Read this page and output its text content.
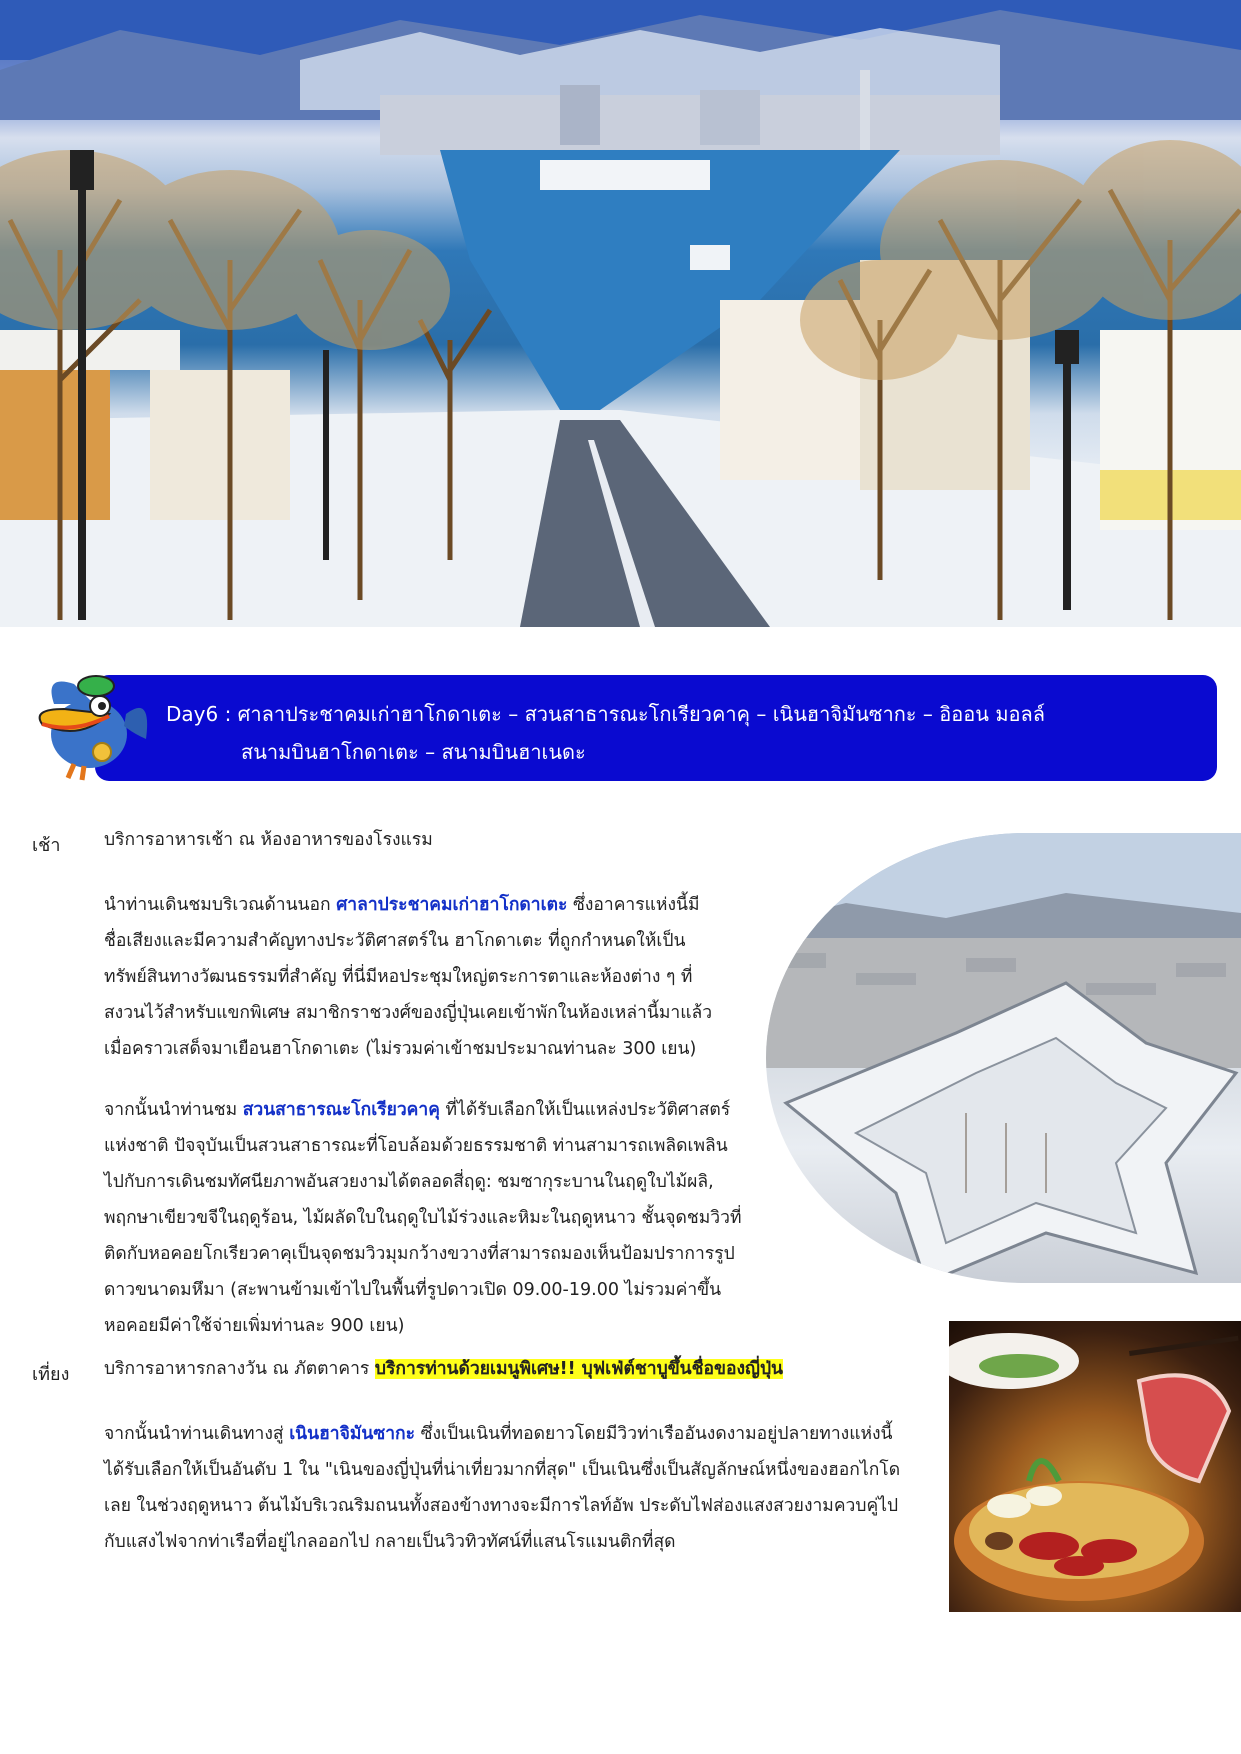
Day6 : ศาลาประชาคมเก่าฮาโกดาเตะ – สวนสาธารณะโกเรียวคาคุ – เนินฮาจิมันซากะ – อิออน มอลล์
สนามบินฮาโกดาเตะ – สนามบินฮาเนดะ
เช้า บริการอาหารเช้า ณ ห้องอาหารของโรงแรม
นำท่านเดินชมบริเวณด้านนอก ศาลาประชาคมเก่าฮาโกดาเตะ ซึ่งอาคารแห่งนี้มี
ชื่อเสียงและมีความสำคัญทางประวัติศาสตร์ใน ฮาโกดาเตะ ที่ถูกกำหนดให้เป็น
ทรัพย์สินทางวัฒนธรรมที่สำคัญ ที่นี่มีหอประชุมใหญ่ตระการตาและห้องต่าง ๆ ที่
สงวนไว้สำหรับแขกพิเศษ สมาชิกราชวงศ์ของญี่ปุ่นเคยเข้าพักในห้องเหล่านี้มาแล้ว
เมื่อคราวเสด็จมาเยือนฮาโกดาเตะ (ไม่รวมค่าเข้าชมประมาณท่านละ 300 เยน)
จากนั้นนำท่านชม สวนสาธารณะโกเรียวคาคุ ที่ได้รับเลือกให้เป็นแหล่งประวัติศาสตร์
แห่งชาติ ปัจจุบันเป็นสวนสาธารณะที่โอบล้อมด้วยธรรมชาติ ท่านสามารถเพลิดเพลิน
ไปกับการเดินชมทัศนียภาพอันสวยงามได้ตลอดสี่ฤดู: ชมซากุระบานในฤดูใบไม้ผลิ,
พฤกษาเขียวขจีในฤดูร้อน, ไม้ผลัดใบในฤดูใบไม้ร่วงและหิมะในฤดูหนาว ชั้นจุดชมวิวที่
ติดกับหอคอยโกเรียวคาคุเป็นจุดชมวิวมุมกว้างขวางที่สามารถมองเห็นป้อมปราการรูป
ดาวขนาดมหึมา (สะพานข้ามเข้าไปในพื้นที่รูปดาวเปิด 09.00-19.00 ไม่รวมค่าขึ้น
หอคอยมีค่าใช้จ่ายเพิ่มท่านละ 900 เยน)
เที่ยง บริการอาหารกลางวัน ณ ภัตตาคาร บริการท่านด้วยเมนูพิเศษ!! บุฟเฟ่ต์ชาบูขึ้นชื่อของญี่ปุ่น
จากนั้นนำท่านเดินทางสู่ เนินฮาจิมันซากะ ซึ่งเป็นเนินที่ทอดยาวโดยมีวิวท่าเรืออันงดงามอยู่ปลายทางแห่งนี้
ได้รับเลือกให้เป็นอันดับ 1 ใน "เนินของญี่ปุ่นที่น่าเที่ยวมากที่สุด" เป็นเนินซึ่งเป็นสัญลักษณ์หนึ่งของฮอกไกโด
เลย ในช่วงฤดูหนาว ต้นไม้บริเวณริมถนนทั้งสองข้างทางจะมีการไลท์อัพ ประดับไฟส่องแสงสวยงามควบคู่ไป
กับแสงไฟจากท่าเรือที่อยู่ไกลออกไป กลายเป็นวิวทิวทัศน์ที่แสนโรแมนติกที่สุด
